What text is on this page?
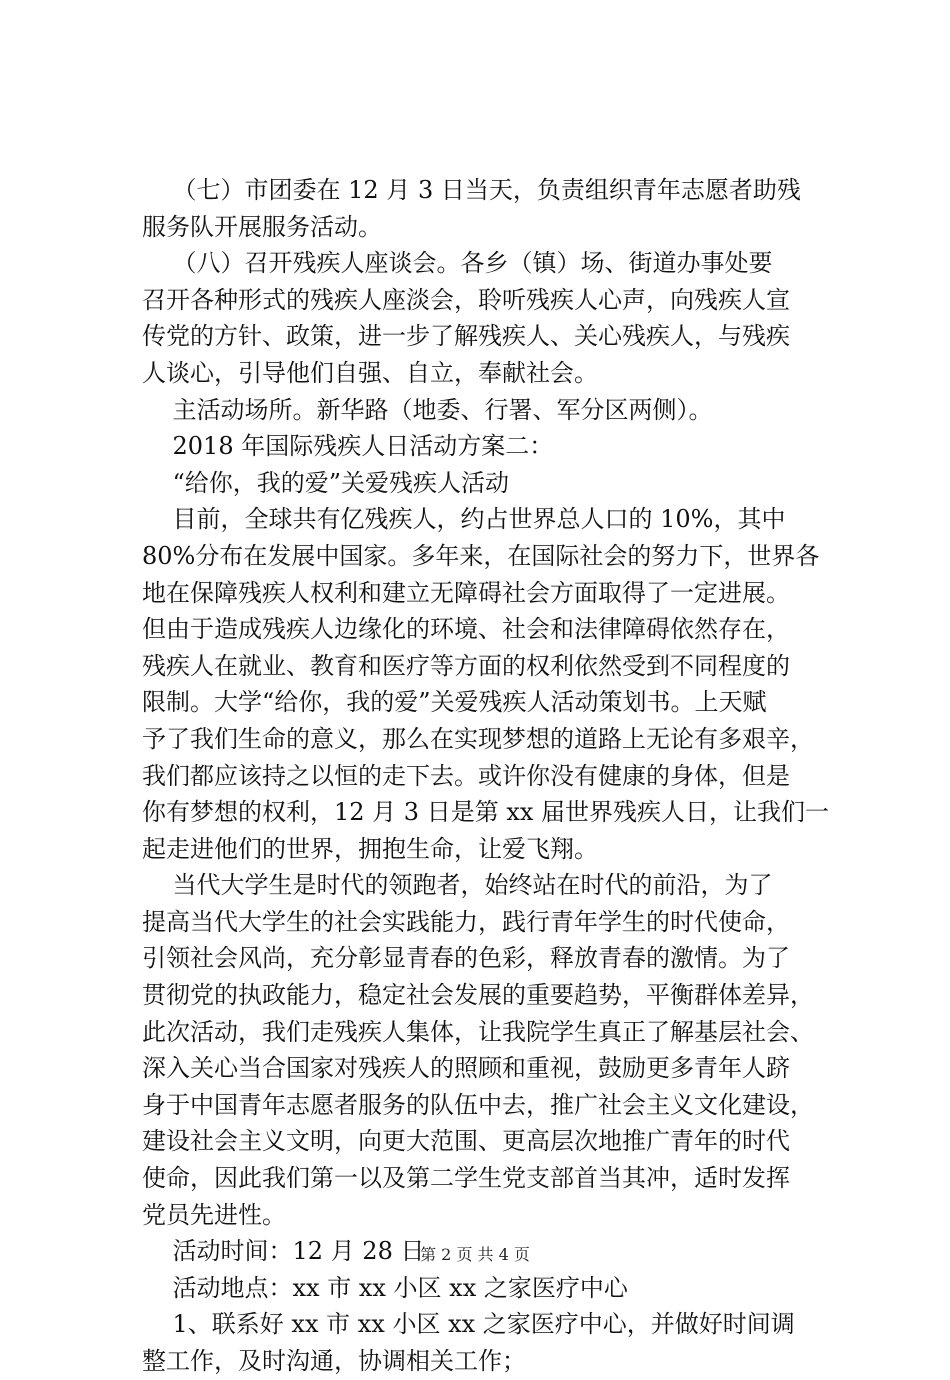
（七）市团委在 12 月 3 日当天，负责组织青年志愿者助残
服务队开展服务活动。

（八）召开残疾人座谈会。各乡（镇）场、街道办事处要
召开各种形式的残疾人座淡会，聆听残疾人心声，向残疾人宣
传党的方针、政策，进一步了解残疾人、关心残疾人，与残疾
人谈心，引导他们自强、自立，奉献社会。

主活动场所。新华路（地委、行署、军分区两侧）。

2018 年国际残疾人日活动方案二：

“给你，我的爱”关爱残疾人活动

目前，全球共有亿残疾人，约占世界总人口的 10%，其中
80%分布在发展中国家。多年来，在国际社会的努力下，世界各
地在保障残疾人权利和建立无障碍社会方面取得了一定进展。
但由于造成残疾人边缘化的环境、社会和法律障碍依然存在，
残疾人在就业、教育和医疗等方面的权利依然受到不同程度的
限制。大学“给你，我的爱”关爱残疾人活动策划书。上天赋
予了我们生命的意义，那么在实现梦想的道路上无论有多艰辛，
我们都应该持之以恒的走下去。或许你没有健康的身体，但是
你有梦想的权利，12 月 3 日是第 xx 届世界残疾人日，让我们一
起走进他们的世界，拥抱生命，让爱飞翔。

当代大学生是时代的领跑者，始终站在时代的前沿，为了
提高当代大学生的社会实践能力，践行青年学生的时代使命，
引领社会风尚，充分彰显青春的色彩，释放青春的激情。为了
贯彻党的执政能力，稳定社会发展的重要趋势，平衡群体差异，
此次活动，我们走残疾人集体，让我院学生真正了解基层社会、
深入关心当合国家对残疾人的照顾和重视，鼓励更多青年人跻
身于中国青年志愿者服务的队伍中去，推广社会主义文化建设，
建设社会主义文明，向更大范围、更高层次地推广青年的时代
使命，因此我们第一以及第二学生党支部首当其冲，适时发挥
党员先进性。

活动时间：12 月 28 日

活动地点：xx 市 xx 小区 xx 之家医疗中心

1、联系好 xx 市 xx 小区 xx 之家医疗中心，并做好时间调
整工作，及时沟通，协调相关工作；

第 2 页 共 4 页
